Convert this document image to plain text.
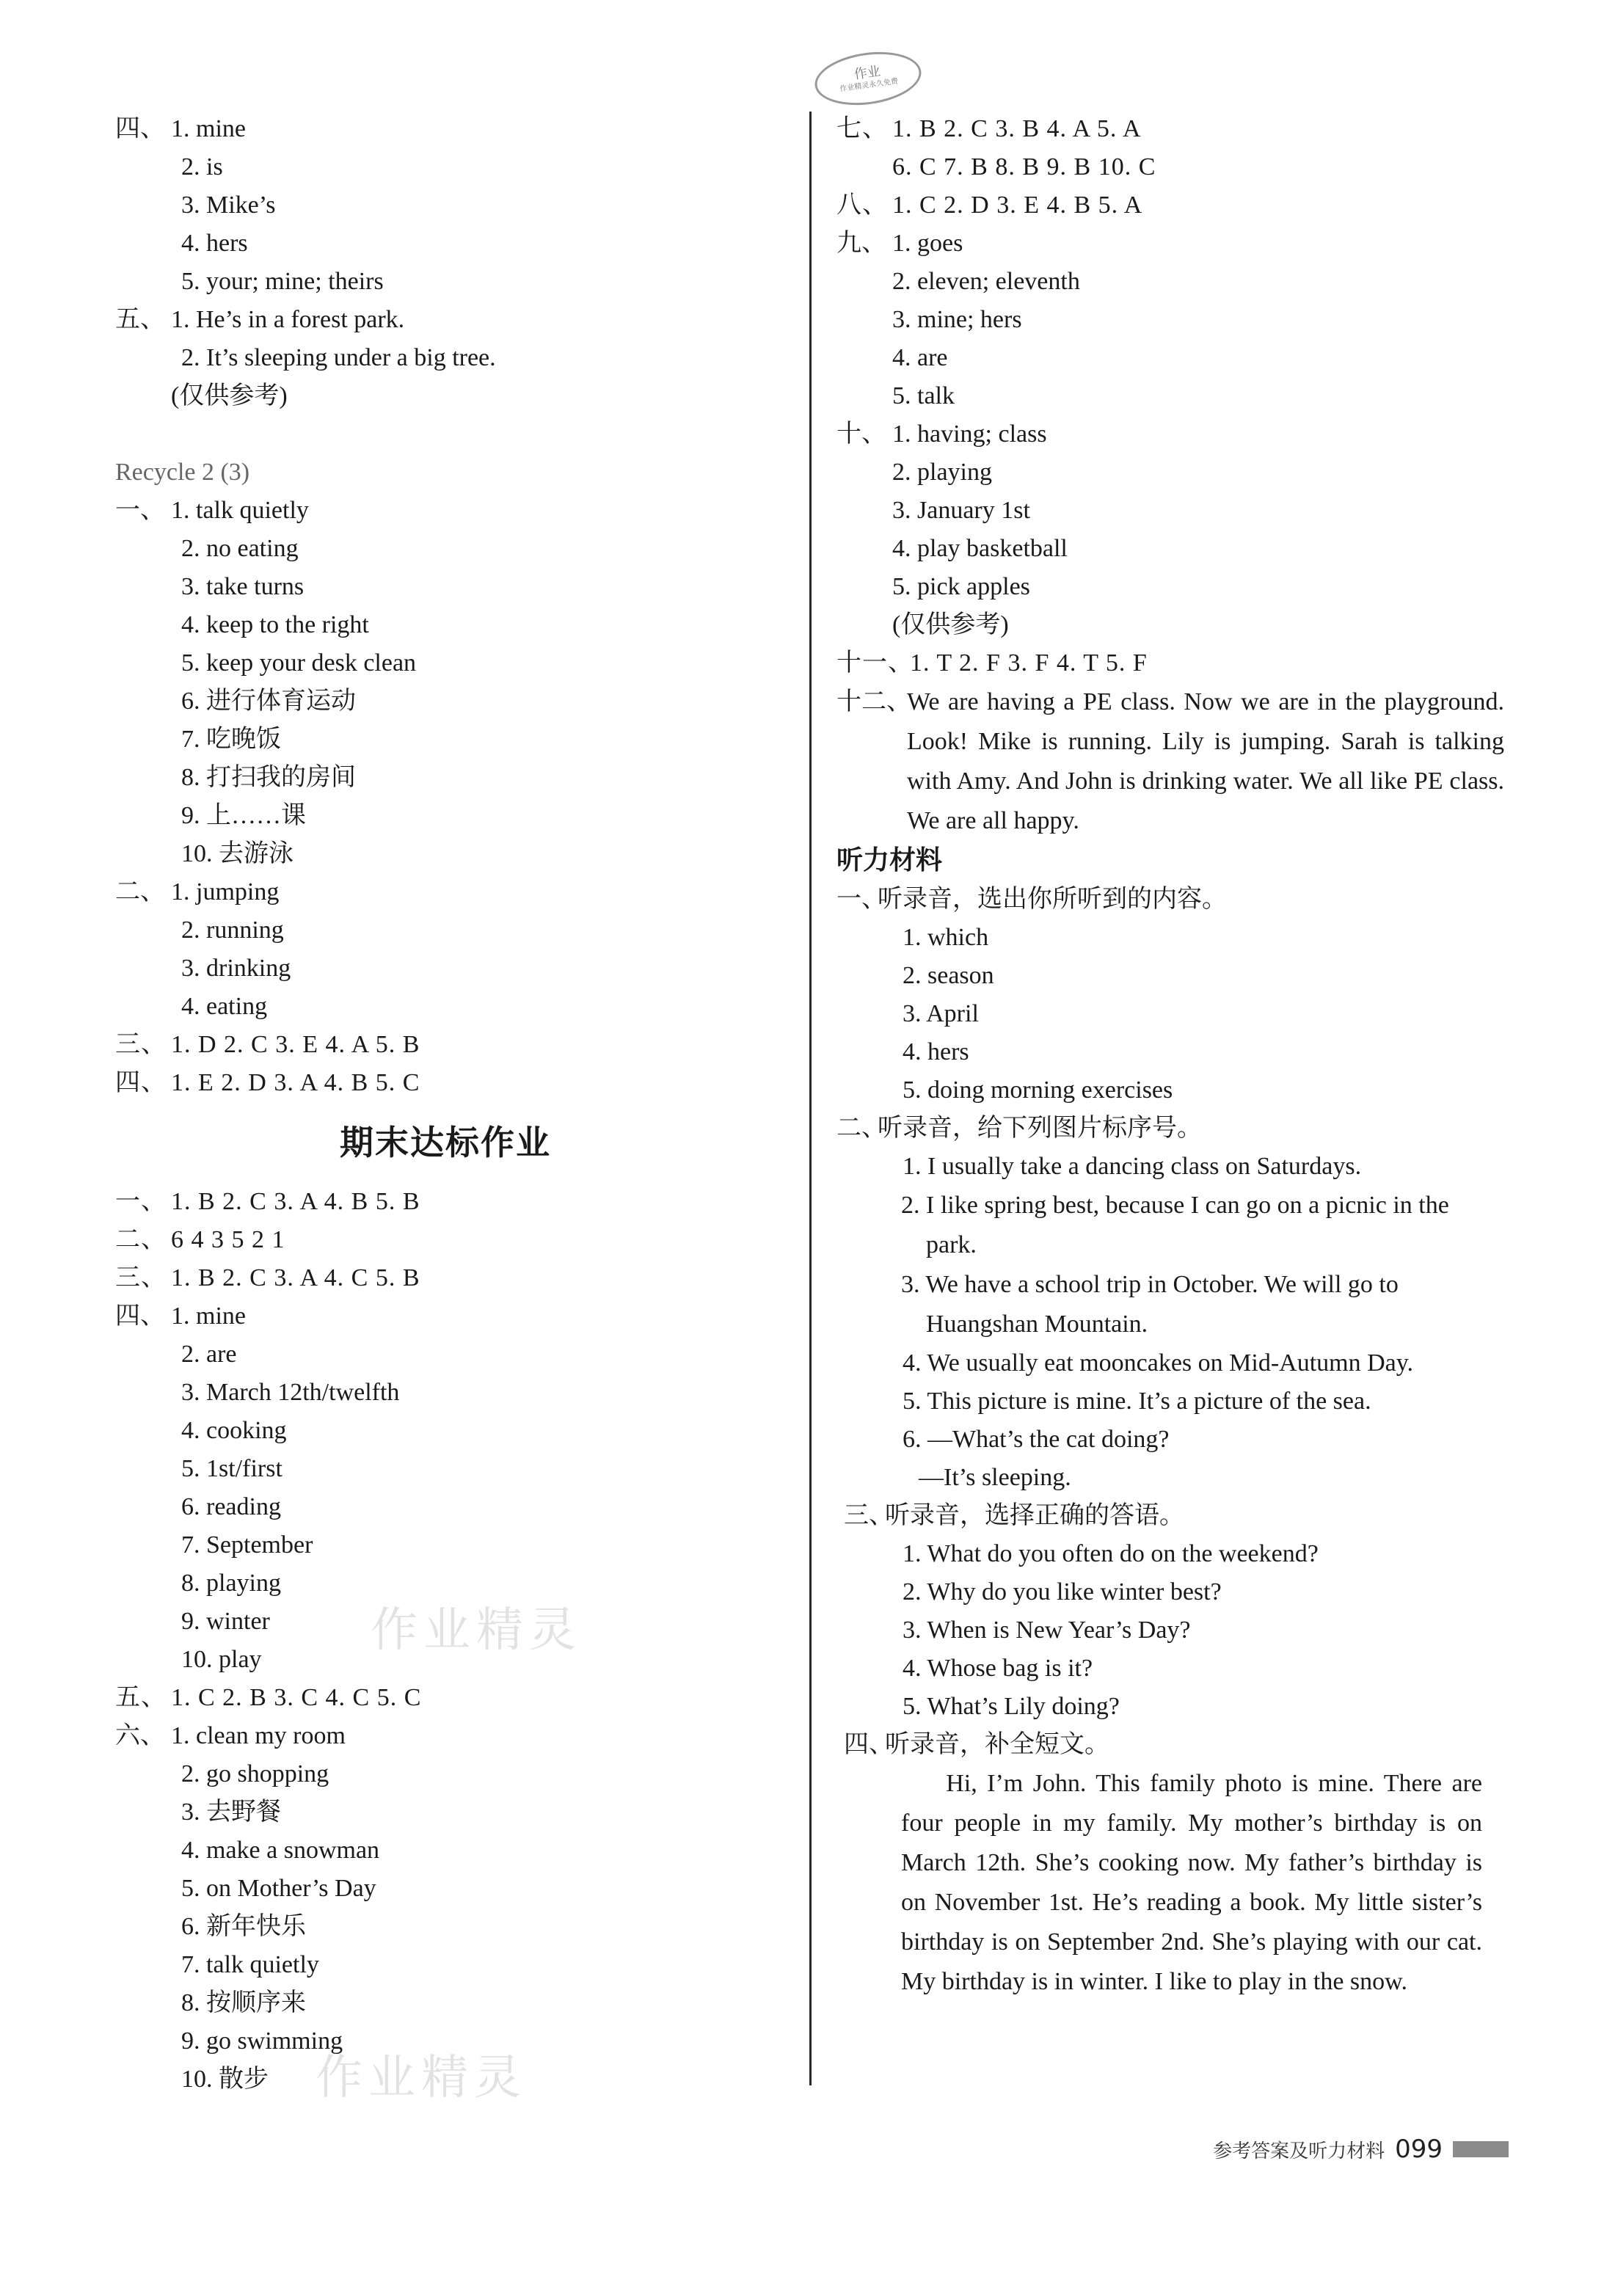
作业
作业精灵永久免费
作业精灵
作业精灵
四、 1. mine
2. is
3. Mike’s
4. hers
5. your; mine; theirs
五、 1. He’s in a forest park.
2. It’s sleeping under a big tree.
(仅供参考)
Recycle 2 (3)
一、 1. talk quietly
2. no eating
3. take turns
4. keep to the right
5. keep your desk clean
6. 进行体育运动
7. 吃晚饭
8. 打扫我的房间
9. 上……课
10. 去游泳
二、 1. jumping
2. running
3. drinking
4. eating
三、 1. D 2. C 3. E 4. A 5. B
四、 1. E 2. D 3. A 4. B 5. C
期末达标作业
一、 1. B 2. C 3. A 4. B 5. B
二、 6 4 3 5 2 1
三、 1. B 2. C 3. A 4. C 5. B
四、 1. mine
2. are
3. March 12th/twelfth
4. cooking
5. 1st/first
6. reading
7. September
8. playing
9. winter
10. play
五、 1. C 2. B 3. C 4. C 5. C
六、 1. clean my room
2. go shopping
3. 去野餐
4. make a snowman
5. on Mother’s Day
6. 新年快乐
7. talk quietly
8. 按顺序来
9. go swimming
10. 散步
七、 1. B 2. C 3. B 4. A 5. A
6. C 7. B 8. B 9. B 10. C
八、 1. C 2. D 3. E 4. B 5. A
九、 1. goes
2. eleven; eleventh
3. mine; hers
4. are
5. talk
十、 1. having; class
2. playing
3. January 1st
4. play basketball
5. pick apples
(仅供参考)
十一、
1. T 2. F 3. F 4. T 5. F
十二、
We are having a PE class. Now we are in the playground. Look! Mike is running. Lily is jumping. Sarah is talking with Amy. And John is drinking water. We all like PE class. We are all happy.
听力材料
一、
听录音，选出你所听到的内容。
1. which
2. season
3. April
4. hers
5. doing morning exercises
二、
听录音，给下列图片标序号。
1. I usually take a dancing class on Saturdays.
2. I like spring best, because I can go on a picnic in the park.
3. We have a school trip in October. We will go to Huangshan Mountain.
4. We usually eat mooncakes on Mid-Autumn Day.
5. This picture is mine. It’s a picture of the sea.
6. —What’s the cat doing?
—It’s sleeping.
三、
听录音，选择正确的答语。
1. What do you often do on the weekend?
2. Why do you like winter best?
3. When is New Year’s Day?
4. Whose bag is it?
5. What’s Lily doing?
四、
听录音，补全短文。
Hi, I’m John. This family photo is mine. There are four people in my family. My mother’s birthday is on March 12th. She’s cooking now. My father’s birthday is on November 1st. He’s reading a book. My little sister’s birthday is on September 2nd. She’s playing with our cat. My birthday is in winter. I like to play in the snow.
参考答案及听力材料 099
